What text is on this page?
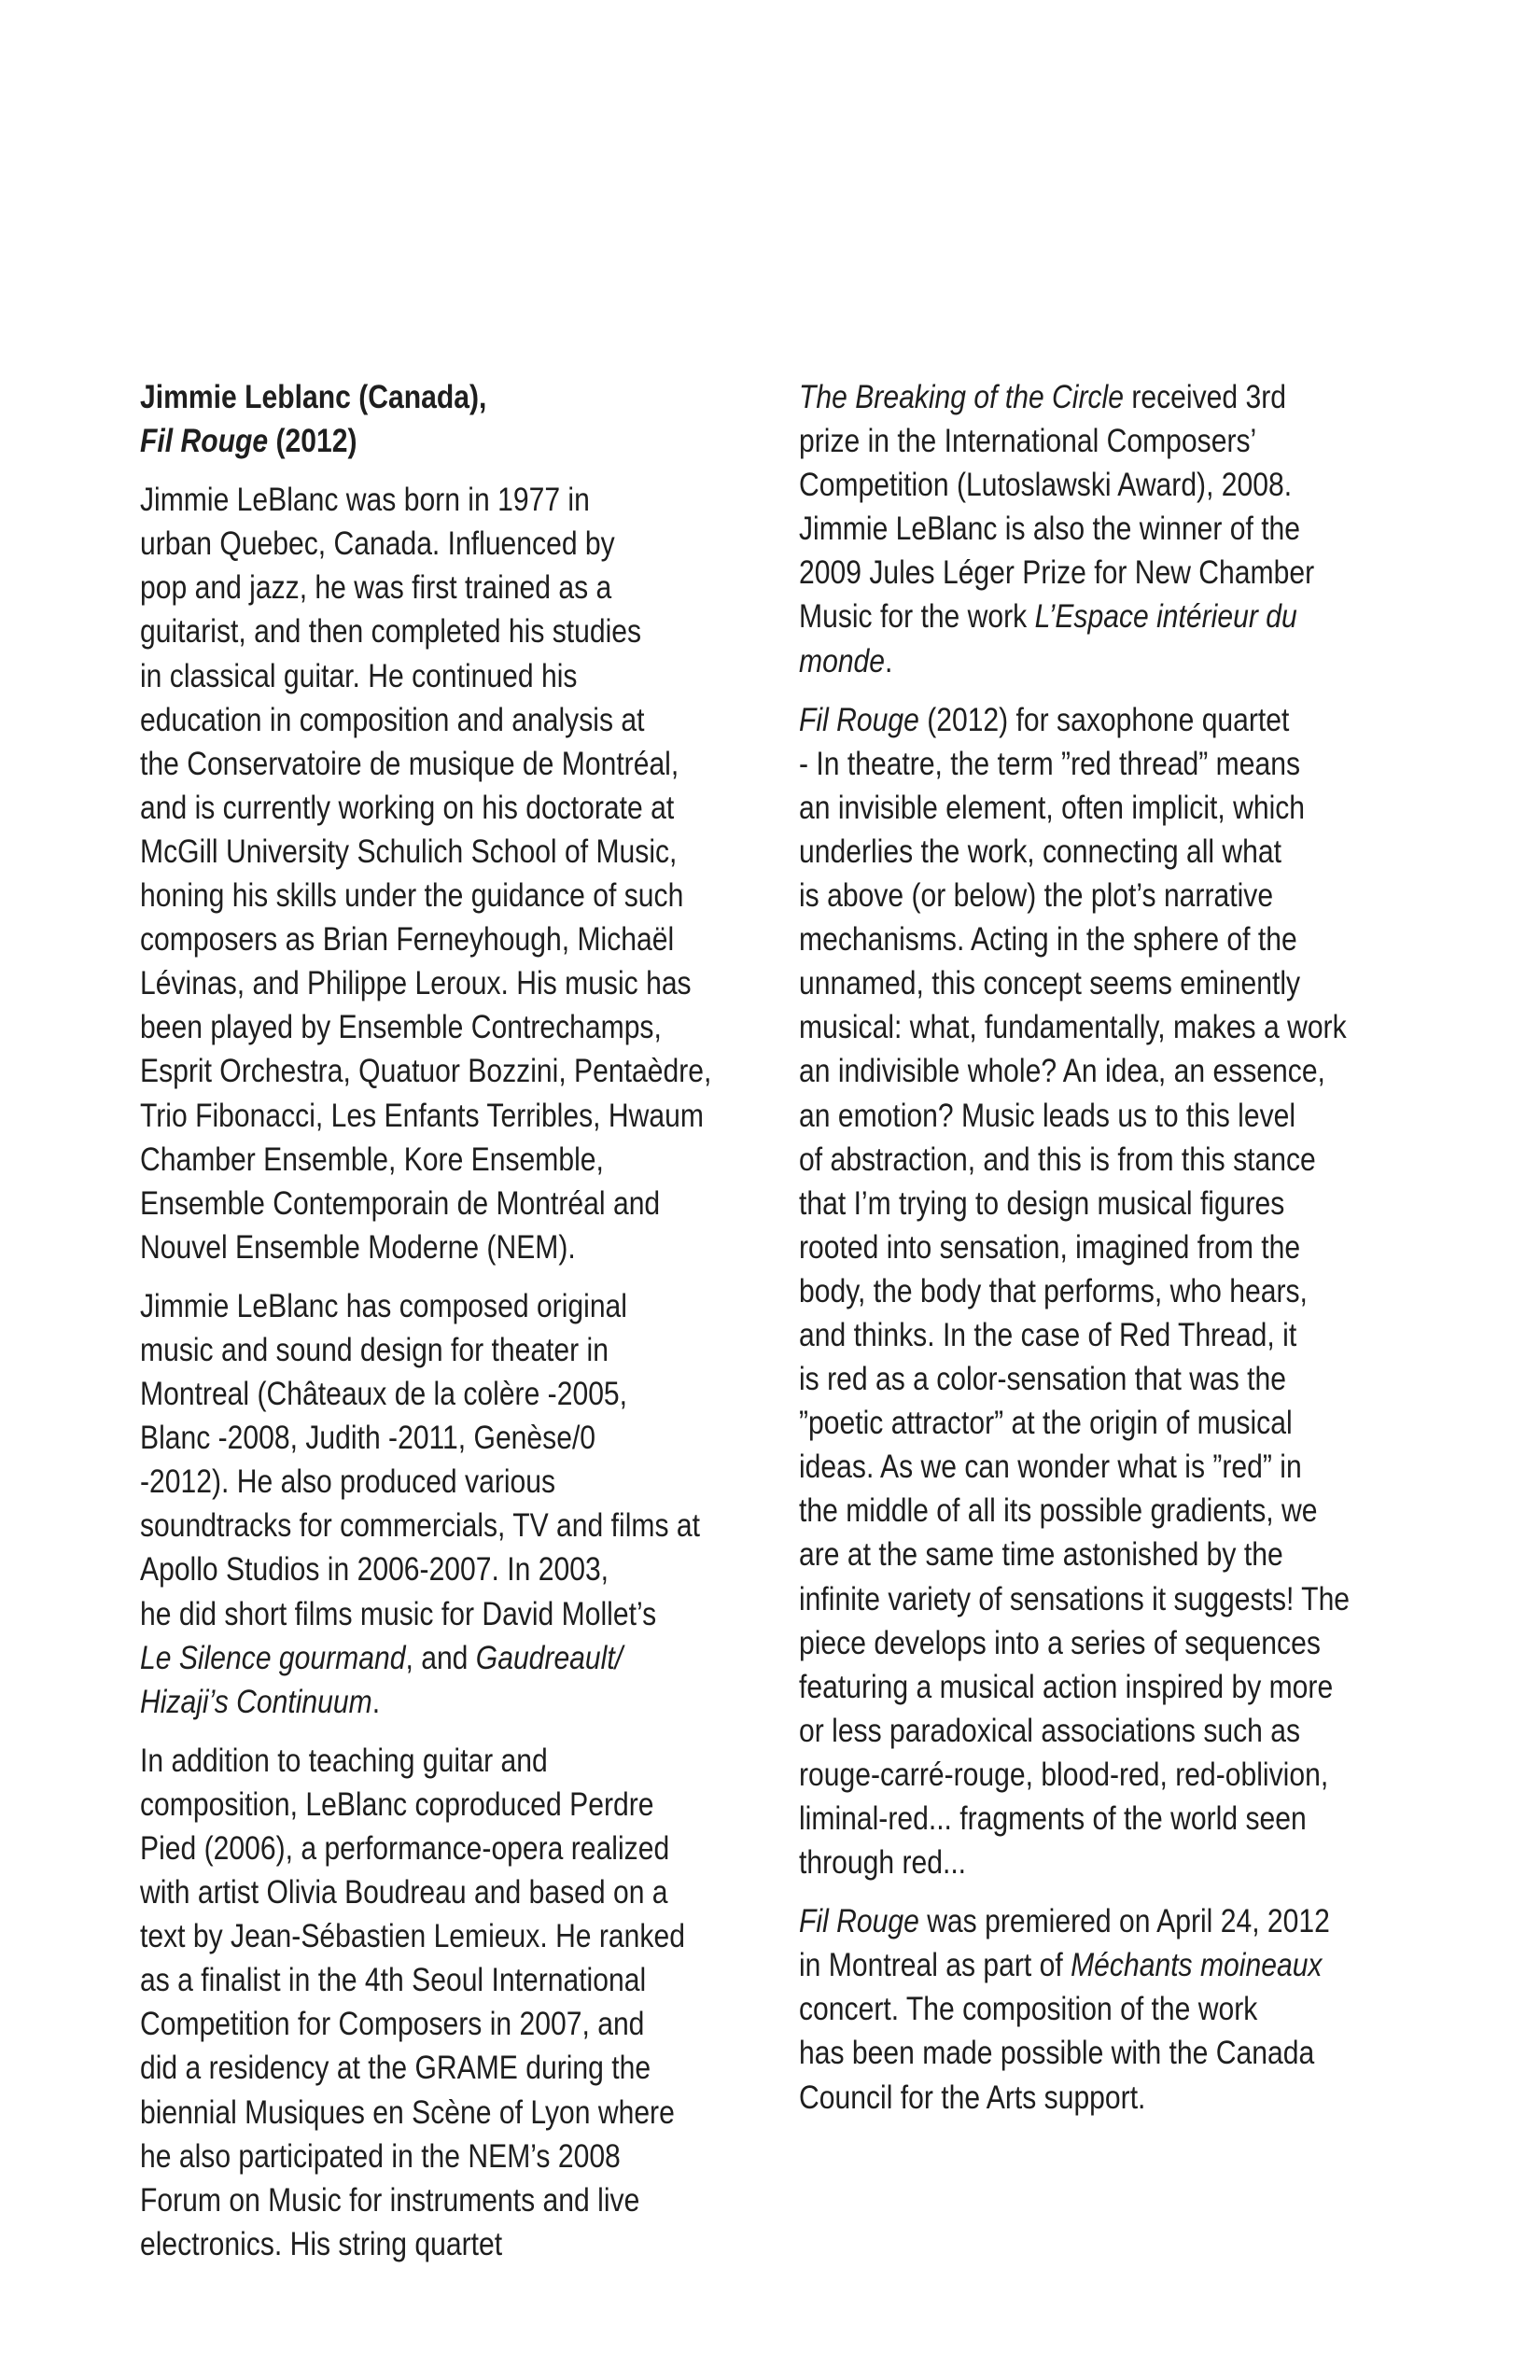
Jimmie Leblanc (Canada),
Fil Rouge (2012)
Jimmie LeBlanc was born in 1977 in
urban Quebec, Canada. Influenced by
pop and jazz, he was first trained as a
guitarist, and then completed his studies
in classical guitar. He continued his
education in composition and analysis at
the Conservatoire de musique de Montréal,
and is currently working on his doctorate at
McGill University Schulich School of Music,
honing his skills under the guidance of such
composers as Brian Ferneyhough, Michaël
Lévinas, and Philippe Leroux. His music has
been played by Ensemble Contrechamps,
Esprit Orchestra, Quatuor Bozzini, Pentaèdre,
Trio Fibonacci, Les Enfants Terribles, Hwaum
Chamber Ensemble, Kore Ensemble,
Ensemble Contemporain de Montréal and
Nouvel Ensemble Moderne (NEM).
Jimmie LeBlanc has composed original
music and sound design for theater in
Montreal (Châteaux de la colère -2005,
Blanc -2008, Judith -2011, Genèse/0
-2012). He also produced various
soundtracks for commercials, TV and films at
Apollo Studios in 2006-2007. In 2003,
he did short films music for David Mollet’s
Le Silence gourmand, and Gaudreault/
Hizaji’s Continuum.
In addition to teaching guitar and
composition, LeBlanc coproduced Perdre
Pied (2006), a performance-opera realized
with artist Olivia Boudreau and based on a
text by Jean-Sébastien Lemieux. He ranked
as a finalist in the 4th Seoul International
Competition for Composers in 2007, and
did a residency at the GRAME during the
biennial Musiques en Scène of Lyon where
he also participated in the NEM’s 2008
Forum on Music for instruments and live
electronics. His string quartet
The Breaking of the Circle received 3rd
prize in the International Composers’
Competition (Lutoslawski Award), 2008.
Jimmie LeBlanc is also the winner of the
2009 Jules Léger Prize for New Chamber
Music for the work L’Espace intérieur du
monde.
Fil Rouge (2012) for saxophone quartet
- In theatre, the term ”red thread” means
an invisible element, often implicit, which
underlies the work, connecting all what
is above (or below) the plot’s narrative
mechanisms. Acting in the sphere of the
unnamed, this concept seems eminently
musical: what, fundamentally, makes a work
an indivisible whole? An idea, an essence,
an emotion? Music leads us to this level
of abstraction, and this is from this stance
that I’m trying to design musical figures
rooted into sensation, imagined from the
body, the body that performs, who hears,
and thinks. In the case of Red Thread, it
is red as a color-sensation that was the
”poetic attractor” at the origin of musical
ideas. As we can wonder what is ”red” in
the middle of all its possible gradients, we
are at the same time astonished by the
infinite variety of sensations it suggests! The
piece develops into a series of sequences
featuring a musical action inspired by more
or less paradoxical associations such as
rouge-carré-rouge, blood-red, red-oblivion,
liminal-red... fragments of the world seen
through red...
Fil Rouge was premiered on April 24, 2012
in Montreal as part of Méchants moineaux
concert. The composition of the work
has been made possible with the Canada
Council for the Arts support.
